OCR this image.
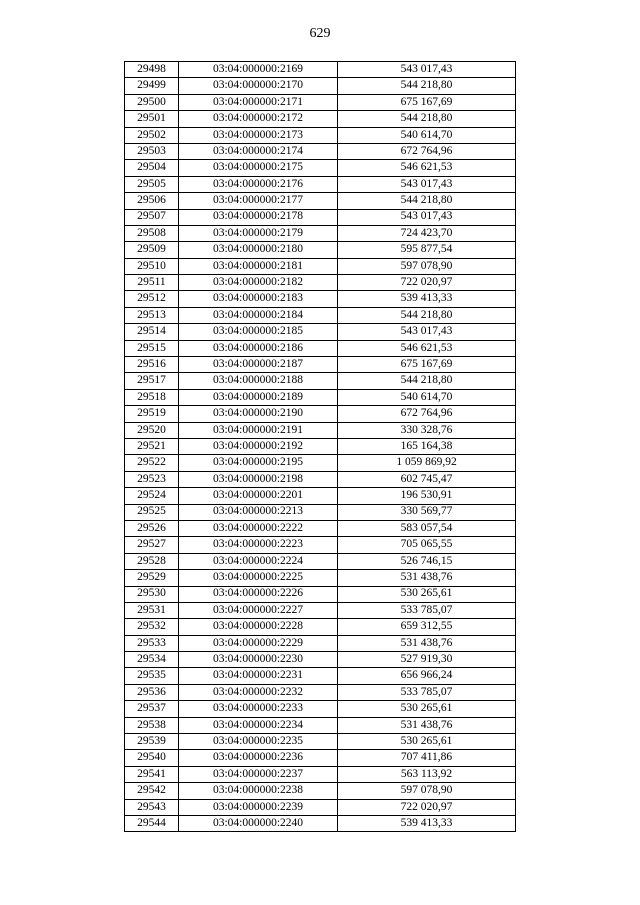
629
29498	03:04:000000:2169	543 017,43
29499	03:04:000000:2170	544 218,80
29500	03:04:000000:2171	675 167,69
29501	03:04:000000:2172	544 218,80
29502	03:04:000000:2173	540 614,70
29503	03:04:000000:2174	672 764,96
29504	03:04:000000:2175	546 621,53
29505	03:04:000000:2176	543 017,43
29506	03:04:000000:2177	544 218,80
29507	03:04:000000:2178	543 017,43
29508	03:04:000000:2179	724 423,70
29509	03:04:000000:2180	595 877,54
29510	03:04:000000:2181	597 078,90
29511	03:04:000000:2182	722 020,97
29512	03:04:000000:2183	539 413,33
29513	03:04:000000:2184	544 218,80
29514	03:04:000000:2185	543 017,43
29515	03:04:000000:2186	546 621,53
29516	03:04:000000:2187	675 167,69
29517	03:04:000000:2188	544 218,80
29518	03:04:000000:2189	540 614,70
29519	03:04:000000:2190	672 764,96
29520	03:04:000000:2191	330 328,76
29521	03:04:000000:2192	165 164,38
29522	03:04:000000:2195	1 059 869,92
29523	03:04:000000:2198	602 745,47
29524	03:04:000000:2201	196 530,91
29525	03:04:000000:2213	330 569,77
29526	03:04:000000:2222	583 057,54
29527	03:04:000000:2223	705 065,55
29528	03:04:000000:2224	526 746,15
29529	03:04:000000:2225	531 438,76
29530	03:04:000000:2226	530 265,61
29531	03:04:000000:2227	533 785,07
29532	03:04:000000:2228	659 312,55
29533	03:04:000000:2229	531 438,76
29534	03:04:000000:2230	527 919,30
29535	03:04:000000:2231	656 966,24
29536	03:04:000000:2232	533 785,07
29537	03:04:000000:2233	530 265,61
29538	03:04:000000:2234	531 438,76
29539	03:04:000000:2235	530 265,61
29540	03:04:000000:2236	707 411,86
29541	03:04:000000:2237	563 113,92
29542	03:04:000000:2238	597 078,90
29543	03:04:000000:2239	722 020,97
29544	03:04:000000:2240	539 413,33
